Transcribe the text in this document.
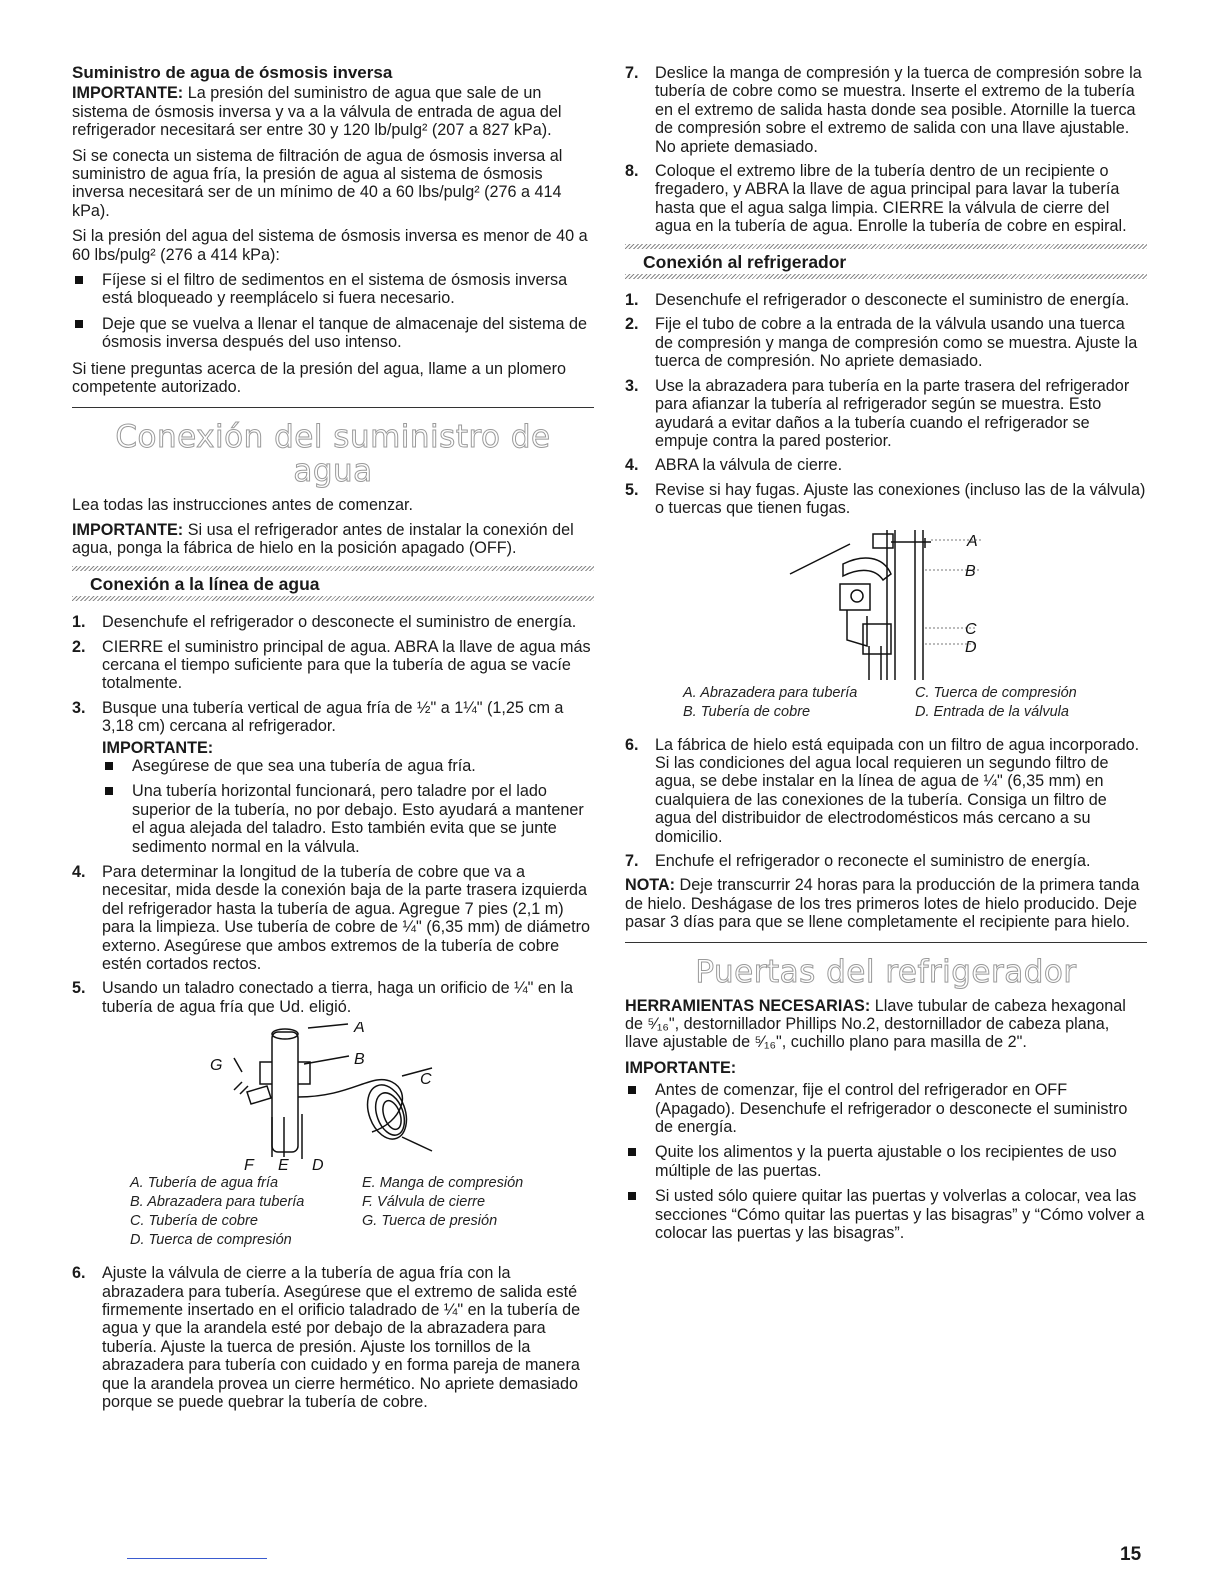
Suministro de agua de ósmosis inversa

IMPORTANTE: La presión del suministro de agua que sale de un sistema de ósmosis inversa y va a la válvula de entrada de agua del refrigerador necesitará ser entre 30 y 120 lb/pulg² (207 a 827 kPa).

Si se conecta un sistema de filtración de agua de ósmosis inversa al suministro de agua fría, la presión de agua al sistema de ósmosis inversa necesitará ser de un mínimo de 40 a 60 lbs/pulg² (276 a 414 kPa).

Si la presión del agua del sistema de ósmosis inversa es menor de 40 a 60 lbs/pulg² (276 a 414 kPa):

Fíjese si el filtro de sedimentos en el sistema de ósmosis inversa está bloqueado y reemplácelo si fuera necesario.
Deje que se vuelva a llenar el tanque de almacenaje del sistema de ósmosis inversa después del uso intenso.

Si tiene preguntas acerca de la presión del agua, llame a un plomero competente autorizado.

Conexión del suministro de agua

Lea todas las instrucciones antes de comenzar.

IMPORTANTE: Si usa el refrigerador antes de instalar la conexión del agua, ponga la fábrica de hielo en la posición apagado (OFF).

Conexión a la línea de agua
1. Desenchufe el refrigerador o desconecte el suministro de energía.
2. CIERRE el suministro principal de agua. ABRA la llave de agua más cercana el tiempo suficiente para que la tubería de agua se vacíe totalmente.
3. Busque una tubería vertical de agua fría de ½" a 1¼" (1,25 cm a 3,18 cm) cercana al refrigerador.
IMPORTANTE:
Asegúrese de que sea una tubería de agua fría.
Una tubería horizontal funcionará, pero taladre por el lado superior de la tubería, no por debajo. Esto ayudará a mantener el agua alejada del taladro. Esto también evita que se junte sedimento normal en la válvula.
4. Para determinar la longitud de la tubería de cobre que va a necesitar, mida desde la conexión baja de la parte trasera izquierda del refrigerador hasta la tubería de agua. Agregue 7 pies (2,1 m) para la limpieza. Use tubería de cobre de ¼" (6,35 mm) de diámetro externo. Asegúrese que ambos extremos de la tubería de cobre estén cortados rectos.
5. Usando un taladro conectado a tierra, haga un orificio de ¼" en la tubería de agua fría que Ud. eligió.
A
B
C
G
F E D
A. Tubería de agua fría	E. Manga de compresión
B. Abrazadera para tubería	F. Válvula de cierre
C. Tubería de cobre	G. Tuerca de presión
D. Tuerca de compresión
6. Ajuste la válvula de cierre a la tubería de agua fría con la abrazadera para tubería. Asegúrese que el extremo de salida esté firmemente insertado en el orificio taladrado de ¼" en la tubería de agua y que la arandela esté por debajo de la abrazadera para tubería. Ajuste la tuerca de presión. Ajuste los tornillos de la abrazadera para tubería con cuidado y en forma pareja de manera que la arandela provea un cierre hermético. No apriete demasiado porque se puede quebrar la tubería de cobre.
7. Deslice la manga de compresión y la tuerca de compresión sobre la tubería de cobre como se muestra. Inserte el extremo de la tubería en el extremo de salida hasta donde sea posible. Atornille la tuerca de compresión sobre el extremo de salida con una llave ajustable. No apriete demasiado.
8. Coloque el extremo libre de la tubería dentro de un recipiente o fregadero, y ABRA la llave de agua principal para lavar la tubería hasta que el agua salga limpia. CIERRE la válvula de cierre del agua en la tubería de agua. Enrolle la tubería de cobre en espiral.
Conexión al refrigerador
1. Desenchufe el refrigerador o desconecte el suministro de energía.
2. Fije el tubo de cobre a la entrada de la válvula usando una tuerca de compresión y manga de compresión como se muestra. Ajuste la tuerca de compresión. No apriete demasiado.
3. Use la abrazadera para tubería en la parte trasera del refrigerador para afianzar la tubería al refrigerador según se muestra. Esto ayudará a evitar daños a la tubería cuando el refrigerador se empuje contra la pared posterior.
4. ABRA la válvula de cierre.
5. Revise si hay fugas. Ajuste las conexiones (incluso las de la válvula) o tuercas que tienen fugas.
A
B
C
D
A. Abrazadera para tubería	C. Tuerca de compresión
B. Tubería de cobre	D. Entrada de la válvula
6. La fábrica de hielo está equipada con un filtro de agua incorporado. Si las condiciones del agua local requieren un segundo filtro de agua, se debe instalar en la línea de agua de ¼" (6,35 mm) en cualquiera de las conexiones de la tubería. Consiga un filtro de agua del distribuidor de electrodomésticos más cercano a su domicilio.
7. Enchufe el refrigerador o reconecte el suministro de energía.

NOTA: Deje transcurrir 24 horas para la producción de la primera tanda de hielo. Deshágase de los tres primeros lotes de hielo producido. Deje pasar 3 días para que se llene completamente el recipiente para hielo.

Puertas del refrigerador

HERRAMIENTAS NECESARIAS: Llave tubular de cabeza hexagonal de ⁵⁄₁₆", destornillador Phillips No.2, destornillador de cabeza plana, llave ajustable de ⁵⁄₁₆", cuchillo plano para masilla de 2".

IMPORTANTE:
Antes de comenzar, fije el control del refrigerador en OFF (Apagado). Desenchufe el refrigerador o desconecte el suministro de energía.
Quite los alimentos y la puerta ajustable o los recipientes de uso múltiple de las puertas.
Si usted sólo quiere quitar las puertas y volverlas a colocar, vea las secciones “Cómo quitar las puertas y las bisagras” y “Cómo volver a colocar las puertas y las bisagras”.
15
